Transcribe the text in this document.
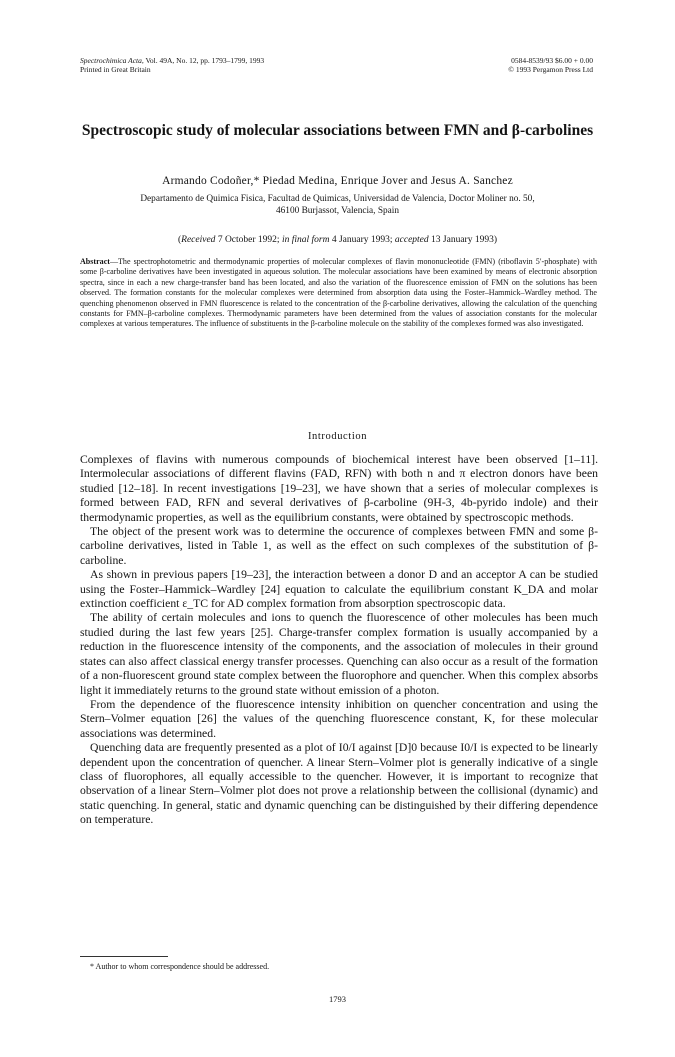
Spectrochimica Acta, Vol. 49A, No. 12, pp. 1793–1799, 1993
Printed in Great Britain
0584-8539/93 $6.00 + 0.00
© 1993 Pergamon Press Ltd
Spectroscopic study of molecular associations between FMN and β-carbolines
Armando Codoñer,* Piedad Medina, Enrique Jover and Jesus A. Sanchez
Departamento de Quimica Fisica, Facultad de Quimicas, Universidad de Valencia, Doctor Moliner no. 50,
46100 Burjassot, Valencia, Spain
(Received 7 October 1992; in final form 4 January 1993; accepted 13 January 1993)
Abstract—The spectrophotometric and thermodynamic properties of molecular complexes of flavin mononucleotide (FMN) (riboflavin 5′-phosphate) with some β-carboline derivatives have been investigated in aqueous solution. The molecular associations have been examined by means of electronic absorption spectra, since in each a new charge-transfer band has been located, and also the variation of the fluorescence emission of FMN on the solutions has been observed. The formation constants for the molecular complexes were determined from absorption data using the Foster–Hammick–Wardley method. The quenching phenomenon observed in FMN fluorescence is related to the concentration of the β-carboline derivatives, allowing the calculation of the quenching constants for FMN–β-carboline complexes. Thermodynamic parameters have been determined from the values of association constants for the molecular complexes at various temperatures. The influence of substituents in the β-carboline molecule on the stability of the complexes formed was also investigated.
Introduction

Complexes of flavins with numerous compounds of biochemical interest have been observed [1–11]. Intermolecular associations of different flavins (FAD, RFN) with both n and π electron donors have been studied [12–18]. In recent investigations [19–23], we have shown that a series of molecular complexes is formed between FAD, RFN and several derivatives of β-carboline (9H-3, 4b-pyrido indole) and their thermodynamic properties, as well as the equilibrium constants, were obtained by spectroscopic methods.

The object of the present work was to determine the occurence of complexes between FMN and some β-carboline derivatives, listed in Table 1, as well as the effect on such complexes of the substitution of β-carboline.

As shown in previous papers [19–23], the interaction between a donor D and an acceptor A can be studied using the Foster–Hammick–Wardley [24] equation to calculate the equilibrium constant K_DA and molar extinction coefficient ε_TC for AD complex formation from absorption spectroscopic data.

The ability of certain molecules and ions to quench the fluorescence of other molecules has been much studied during the last few years [25]. Charge-transfer complex formation is usually accompanied by a reduction in the fluorescence intensity of the components, and the association of molecules in their ground states can also affect classical energy transfer processes. Quenching can also occur as a result of the formation of a non-fluorescent ground state complex between the fluorophore and quencher. When this complex absorbs light it immediately returns to the ground state without emission of a photon.

From the dependence of the fluorescence intensity inhibition on quencher concentration and using the Stern–Volmer equation [26] the values of the quenching fluorescence constant, K, for these molecular associations was determined.

Quenching data are frequently presented as a plot of I0/I against [D]0 because I0/I is expected to be linearly dependent upon the concentration of quencher. A linear Stern–Volmer plot is generally indicative of a single class of fluorophores, all equally accessible to the quencher. However, it is important to recognize that observation of a linear Stern–Volmer plot does not prove a relationship between the collisional (dynamic) and static quenching. In general, static and dynamic quenching can be distinguished by their differing dependence on temperature.

* Author to whom correspondence should be addressed.
1793
